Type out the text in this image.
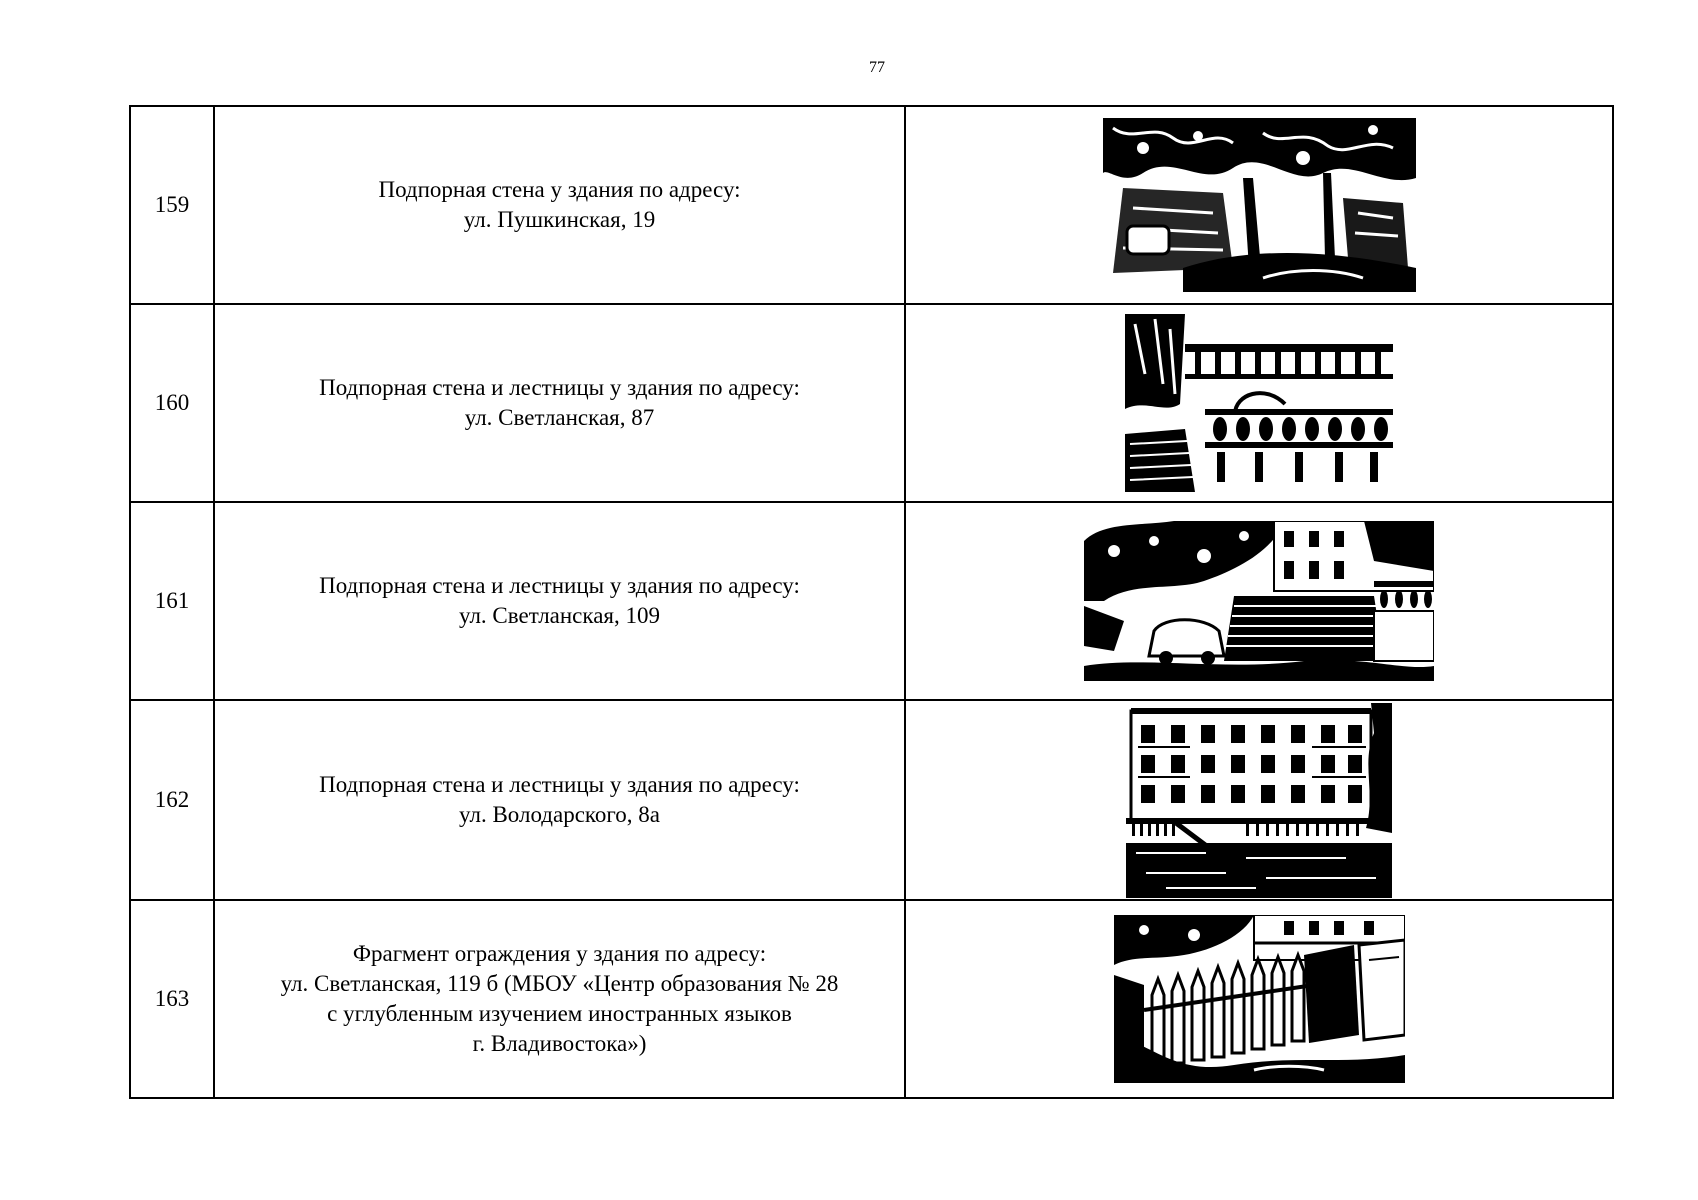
77
159	Подпорная стена у здания по адресу:
ул. Пушкинская, 19

160	Подпорная стена и лестницы у здания по адресу:
ул. Светланская, 87

161	Подпорная стена и лестницы у здания по адресу:
ул. Светланская, 109

162	Подпорная стена и лестницы у здания по адресу:
ул. Володарского, 8а

163	Фрагмент ограждения у здания по адресу:
ул. Светланская, 119 б (МБОУ «Центр образования № 28
с углубленным изучением иностранных языков
г. Владивостока»)
